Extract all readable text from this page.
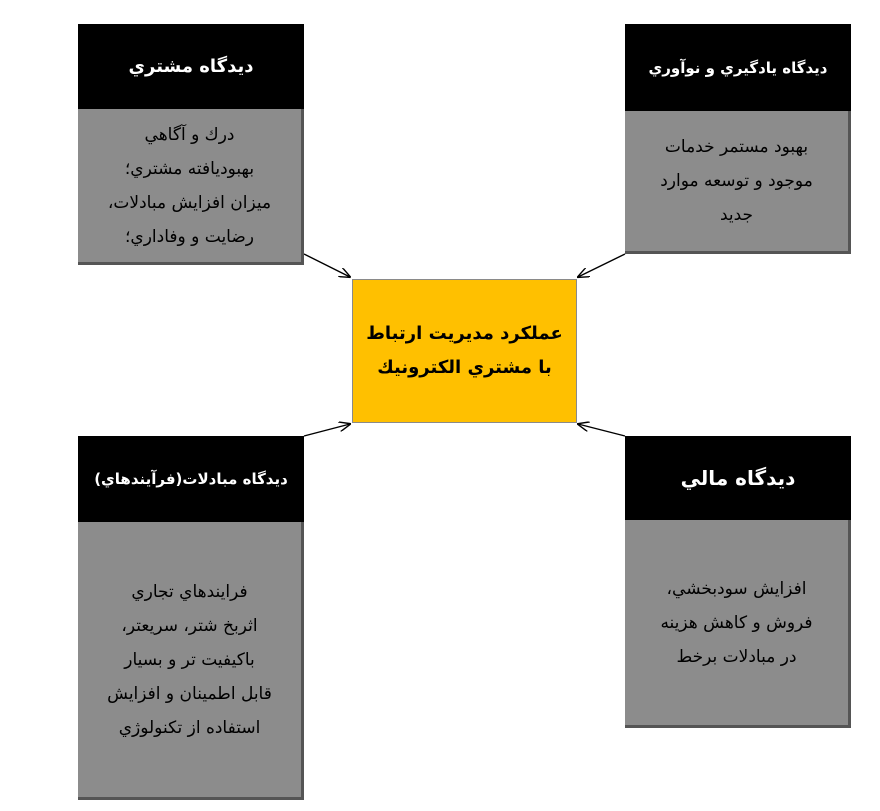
ديدگاه مشتري
درك و آگاهي
بهبوديافته مشتري؛
ميزان افزايش مبادلات،
رضايت و وفاداري؛
ديدگاه يادگيري و نوآوري
بهبود مستمر خدمات
موجود و توسعه موارد
جديد
عملكرد مديريت ارتباط
با مشتري الكترونيك
ديدگاه مبادلات(فرآيندهاي)
فرايندهاي تجاري
اثربخ شتر، سريعتر،
باكيفيت تر و بسيار
قابل اطمينان و افزايش
استفاده از تكنولوژي
ديدگاه مالي
افزايش سودبخشي،
فروش و كاهش هزينه
در مبادلات برخط
